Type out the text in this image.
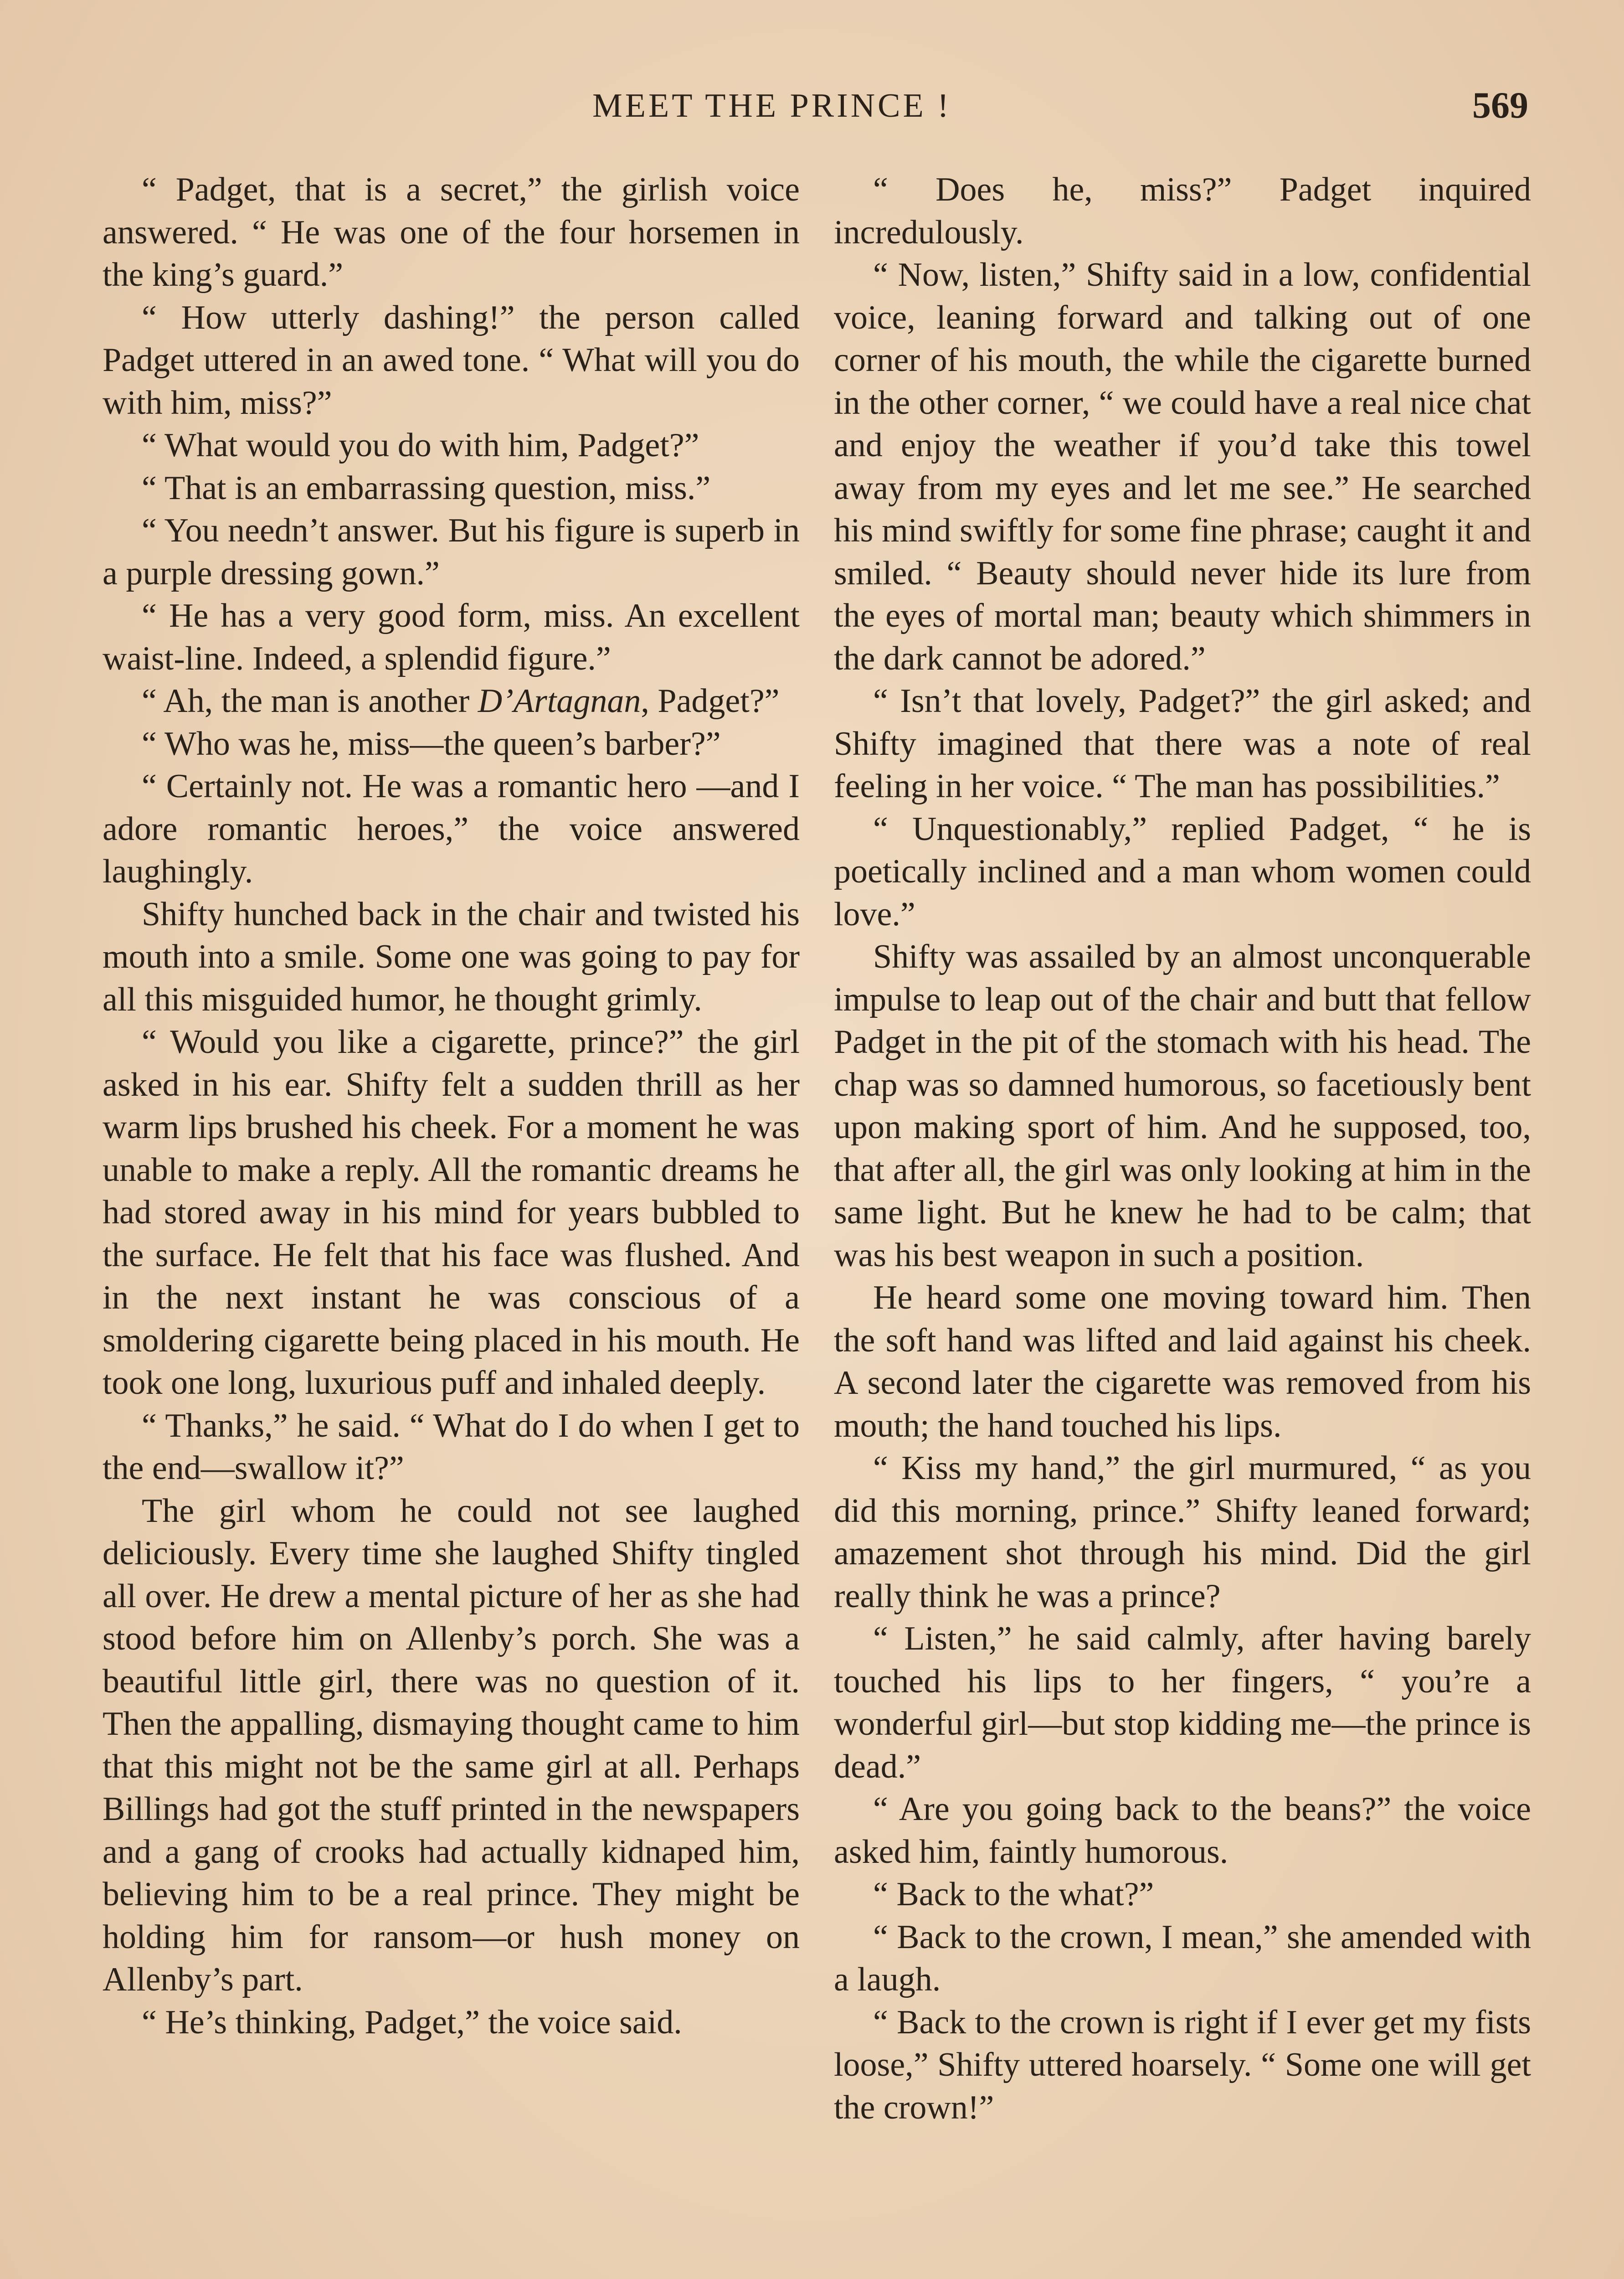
MEET THE PRINCE !	569

“ Padget, that is a secret,” the girlish voice answered. “ He was one of the four horsemen in the king’s guard.”

“ How utterly dashing!” the person called Padget uttered in an awed tone. “ What will you do with him, miss?”

“ What would you do with him, Padget?”

“ That is an embarrassing question, miss.”

“ You needn’t answer. But his figure is superb in a purple dressing gown.”

“ He has a very good form, miss. An excellent waist-line. Indeed, a splendid figure.”

“ Ah, the man is another D’Artagnan, Padget?”

“ Who was he, miss—the queen’s barber?”

“ Certainly not. He was a romantic hero —and I adore romantic heroes,” the voice answered laughingly.

Shifty hunched back in the chair and twisted his mouth into a smile. Some one was going to pay for all this misguided humor, he thought grimly.

“ Would you like a cigarette, prince?” the girl asked in his ear. Shifty felt a sudden thrill as her warm lips brushed his cheek. For a moment he was unable to make a reply. All the romantic dreams he had stored away in his mind for years bubbled to the surface. He felt that his face was flushed. And in the next instant he was conscious of a smoldering cigarette being placed in his mouth. He took one long, luxurious puff and inhaled deeply.

“ Thanks,” he said. “ What do I do when I get to the end—swallow it?”

The girl whom he could not see laughed deliciously. Every time she laughed Shifty tingled all over. He drew a mental picture of her as she had stood before him on Allenby’s porch. She was a beautiful little girl, there was no question of it. Then the appalling, dismaying thought came to him that this might not be the same girl at all. Perhaps Billings had got the stuff printed in the newspapers and a gang of crooks had actually kidnaped him, believing him to be a real prince. They might be holding him for ransom—or hush money on Allenby’s part.

“ He’s thinking, Padget,” the voice said.

“ Does he, miss?” Padget inquired incredulously.

“ Now, listen,” Shifty said in a low, confidential voice, leaning forward and talking out of one corner of his mouth, the while the cigarette burned in the other corner, “ we could have a real nice chat and enjoy the weather if you’d take this towel away from my eyes and let me see.” He searched his mind swiftly for some fine phrase; caught it and smiled. “ Beauty should never hide its lure from the eyes of mortal man; beauty which shimmers in the dark cannot be adored.”

“ Isn’t that lovely, Padget?” the girl asked; and Shifty imagined that there was a note of real feeling in her voice. “ The man has possibilities.”

“ Unquestionably,” replied Padget, “ he is poetically inclined and a man whom women could love.”

Shifty was assailed by an almost unconquerable impulse to leap out of the chair and butt that fellow Padget in the pit of the stomach with his head. The chap was so damned humorous, so facetiously bent upon making sport of him. And he supposed, too, that after all, the girl was only looking at him in the same light. But he knew he had to be calm; that was his best weapon in such a position.

He heard some one moving toward him. Then the soft hand was lifted and laid against his cheek. A second later the cigarette was removed from his mouth; the hand touched his lips.

“ Kiss my hand,” the girl murmured, “ as you did this morning, prince.” Shifty leaned forward; amazement shot through his mind. Did the girl really think he was a prince?

“ Listen,” he said calmly, after having barely touched his lips to her fingers, “ you’re a wonderful girl—but stop kidding me—the prince is dead.”

“ Are you going back to the beans?” the voice asked him, faintly humorous.

“ Back to the what?”

“ Back to the crown, I mean,” she amended with a laugh.

“ Back to the crown is right if I ever get my fists loose,” Shifty uttered hoarsely. “ Some one will get the crown!”
